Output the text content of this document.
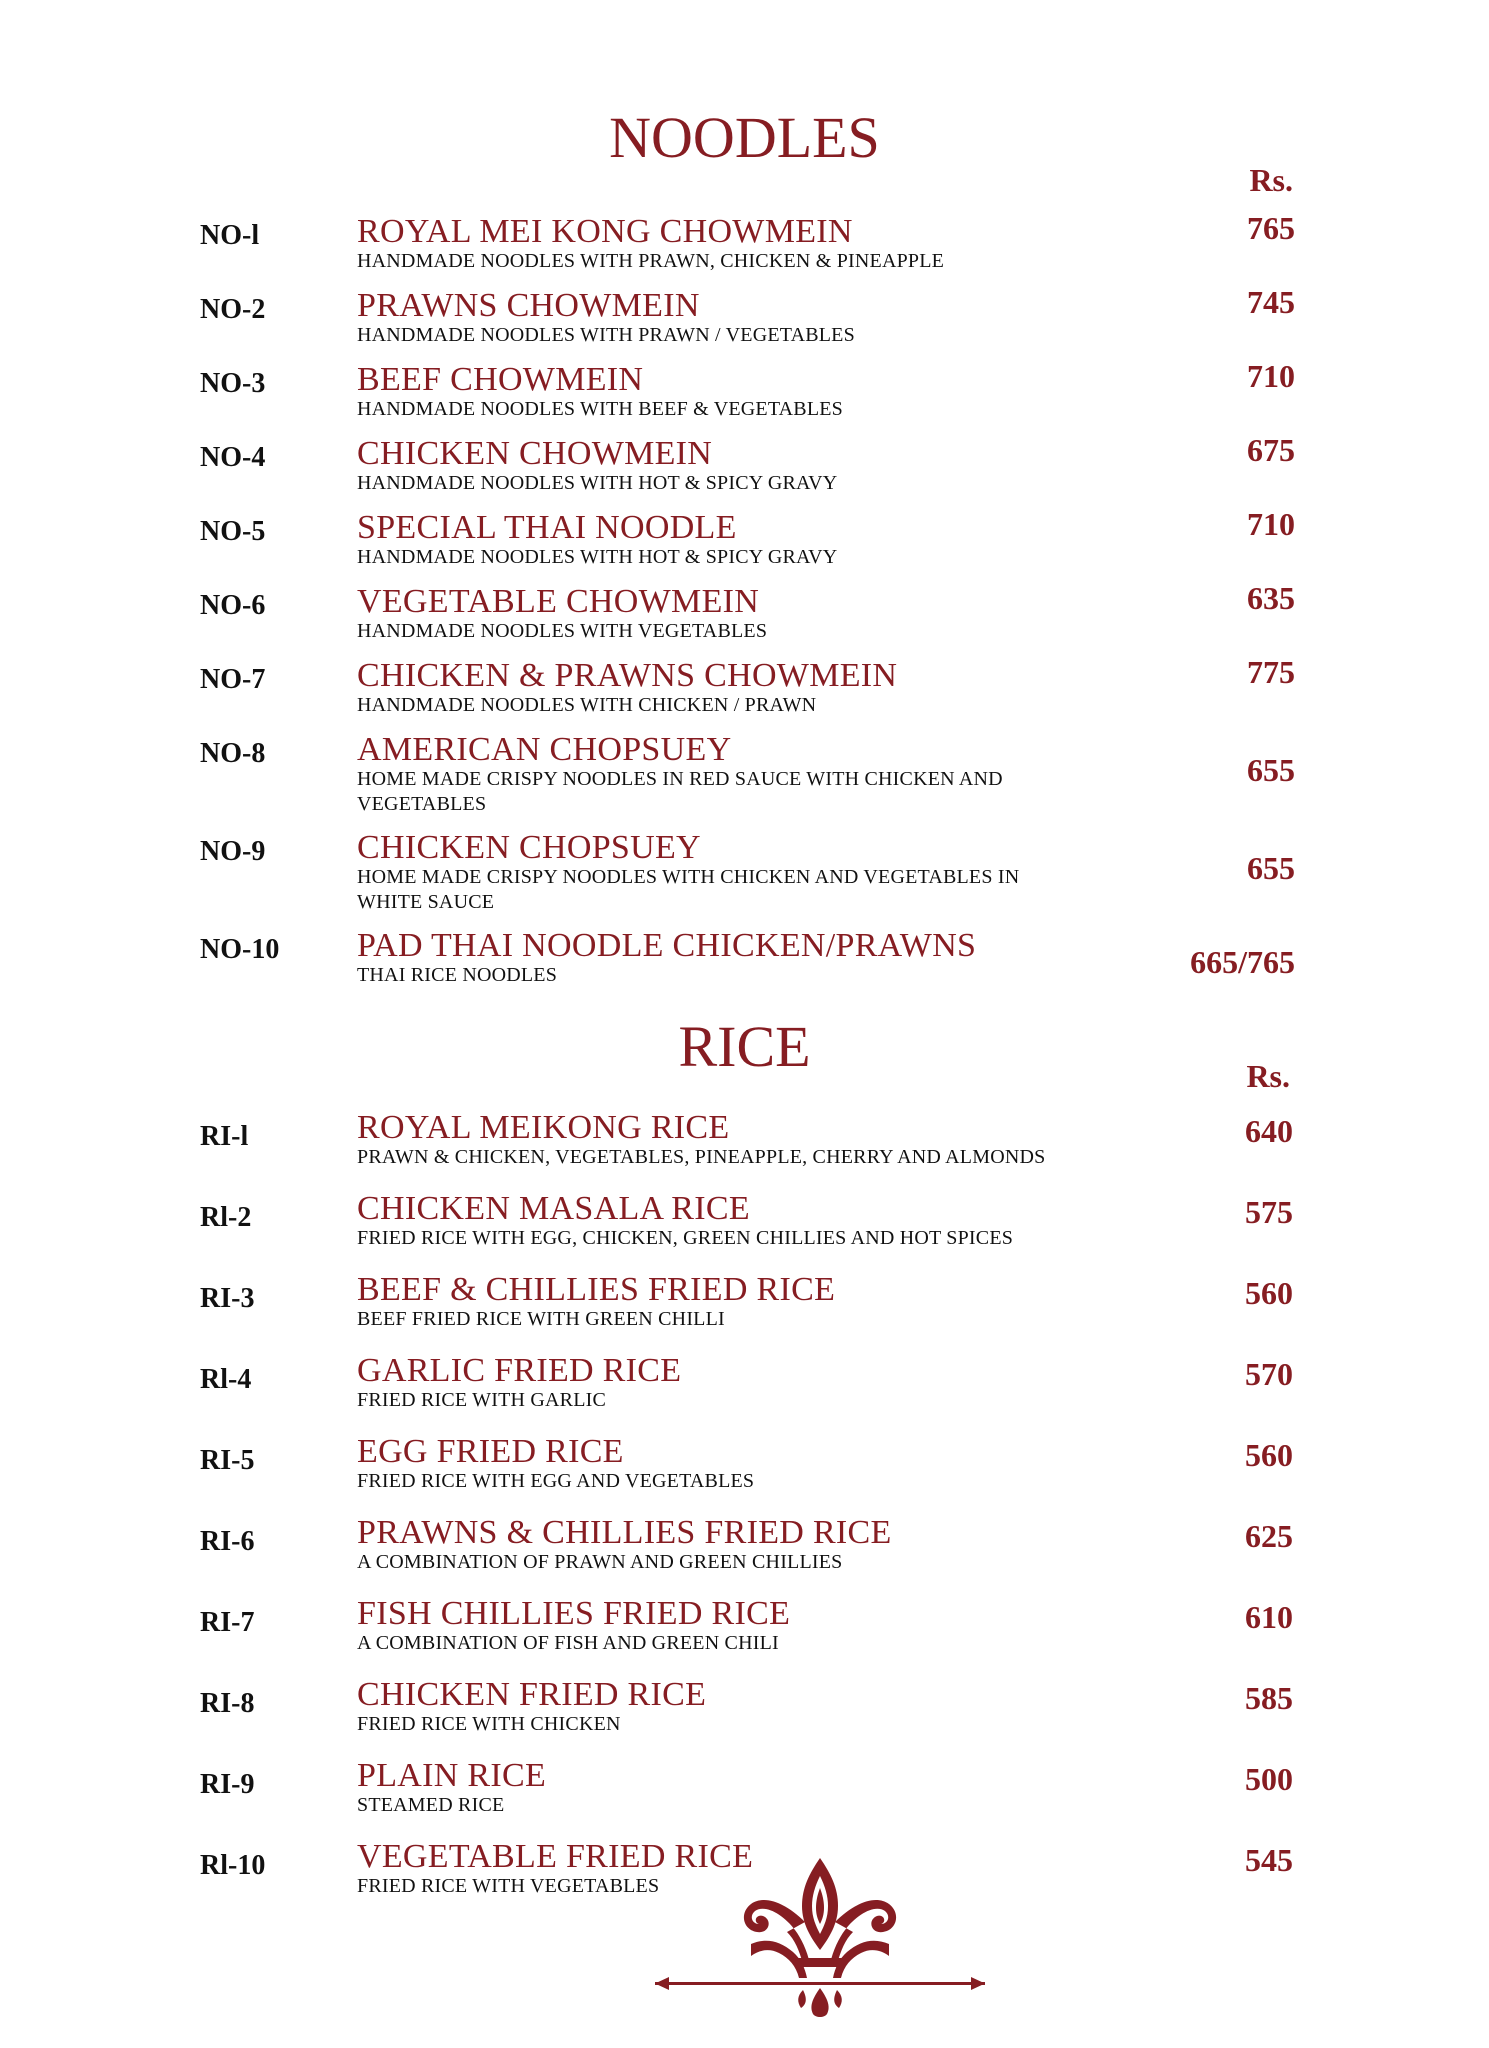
NOODLES
Rs.
NO-l	ROYAL MEI KONG CHOWMEIN
HANDMADE NOODLES WITH PRAWN, CHICKEN & PINEAPPLE
765
NO-2	PRAWNS CHOWMEIN
HANDMADE NOODLES WITH PRAWN / VEGETABLES
745
NO-3	BEEF CHOWMEIN
HANDMADE NOODLES WITH BEEF & VEGETABLES
710
NO-4	CHICKEN CHOWMEIN
HANDMADE NOODLES WITH HOT & SPICY GRAVY
675
NO-5	SPECIAL THAI NOODLE
HANDMADE NOODLES WITH HOT & SPICY GRAVY
710
NO-6	VEGETABLE CHOWMEIN
HANDMADE NOODLES WITH VEGETABLES
635
NO-7	CHICKEN & PRAWNS CHOWMEIN
HANDMADE NOODLES WITH CHICKEN / PRAWN
775
NO-8	AMERICAN CHOPSUEY
HOME MADE CRISPY NOODLES IN RED SAUCE WITH CHICKEN AND VEGETABLES
655
NO-9	CHICKEN CHOPSUEY
HOME MADE CRISPY NOODLES WITH CHICKEN AND VEGETABLES IN WHITE SAUCE
655
NO-10 PAD THAI NOODLE CHICKEN/PRAWNS
THAI RICE NOODLES	665/765
RICE	Rs.
RI-l	ROYAL MEIKONG RICE
PRAWN & CHICKEN, VEGETABLES, PINEAPPLE, CHERRY AND ALMONDS
640
Rl-2	CHICKEN MASALA RICE
FRIED RICE WITH EGG, CHICKEN, GREEN CHILLIES AND HOT SPICES
575
RI-3	BEEF & CHILLIES FRIED RICE
BEEF FRIED RICE WITH GREEN CHILLI
560
Rl-4	GARLIC FRIED RICE
FRIED RICE WITH GARLIC
570
RI-5	EGG FRIED RICE
FRIED RICE WITH EGG AND VEGETABLES
560
RI-6	PRAWNS & CHILLIES FRIED RICE
A COMBINATION OF PRAWN AND GREEN CHILLIES
625
RI-7	FISH CHILLIES FRIED RICE
A COMBINATION OF FISH AND GREEN CHILI
610
RI-8	CHICKEN FRIED RICE
FRIED RICE WITH CHICKEN
585
RI-9	PLAIN RICE
STEAMED RICE
500
Rl-10	VEGETABLE FRIED RICE
FRIED RICE WITH VEGETABLES
545
